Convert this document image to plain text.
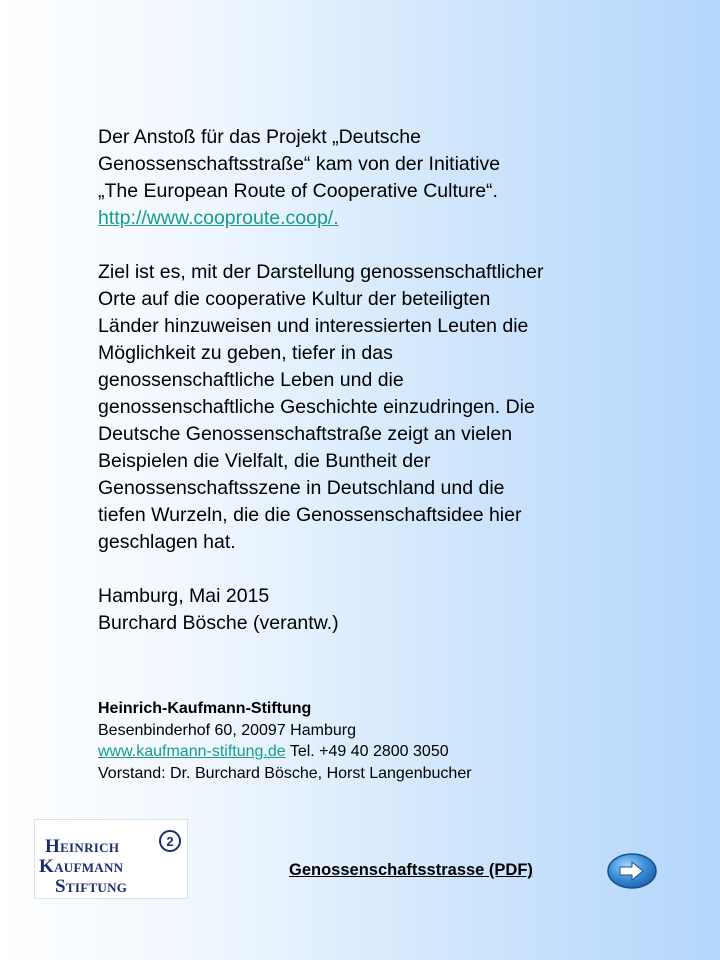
Der Anstoß für das Projekt „Deutsche

Genossenschaftsstraße“ kam von der Initiative

„The European Route of Cooperative Culture“.

http://www.cooproute.coop/.

Ziel ist es, mit der Darstellung genossenschaftlicher

Orte auf die cooperative Kultur der beteiligten

Länder hinzuweisen und interessierten Leuten die

Möglichkeit zu geben, tiefer in das

genossenschaftliche Leben und die

genossenschaftliche Geschichte einzudringen. Die

Deutsche Genossenschaftstraße zeigt an vielen

Beispielen die Vielfalt, die Buntheit der

Genossenschaftsszene in Deutschland und die

tiefen Wurzeln, die die Genossenschaftsidee hier

geschlagen hat.

Hamburg, Mai 2015

Burchard Bösche (verantw.)

Heinrich-Kaufmann-Stiftung
Besenbinderhof 60, 20097 Hamburg
www.kaufmann-stiftung.de Tel. +49 40 2800 3050
Vorstand: Dr. Burchard Bösche, Horst Langenbucher
Heinrich
Kaufmann
Stiftung
2
Genossenschaftsstrasse (PDF)
